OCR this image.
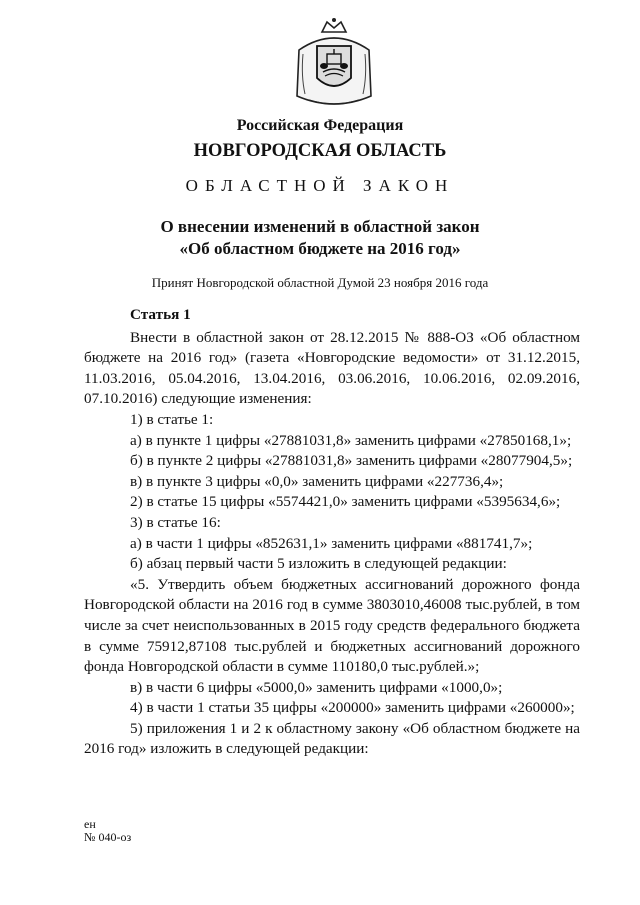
Российская Федерация
НОВГОРОДСКАЯ ОБЛАСТЬ
ОБЛАСТНОЙ ЗАКОН
О внесении изменений в областной закон
«Об областном бюджете на 2016 год»
Принят Новгородской областной Думой 23 ноября 2016 года

Статья 1

Внести в областной закон от 28.12.2015 № 888-ОЗ «Об областном бюджете на 2016 год» (газета «Новгородские ведомости» от 31.12.2015, 11.03.2016, 05.04.2016, 13.04.2016, 03.06.2016, 10.06.2016, 02.09.2016, 07.10.2016) следующие изменения:

1) в статье 1:

а) в пункте 1 цифры «27881031,8» заменить цифрами «27850168,1»;

б) в пункте 2 цифры «27881031,8» заменить цифрами «28077904,5»;

в) в пункте 3 цифры «0,0» заменить цифрами «227736,4»;

2) в статье 15 цифры «5574421,0» заменить цифрами «5395634,6»;

3) в статье 16:

а) в части 1 цифры «852631,1» заменить цифрами «881741,7»;

б) абзац первый части 5 изложить в следующей редакции:

«5. Утвердить объем бюджетных ассигнований дорожного фонда Новгородской области на 2016 год в сумме 3803010,46008 тыс.рублей, в том числе за счет неиспользованных в 2015 году средств федерального бюджета в сумме 75912,87108 тыс.рублей и бюджетных ассигнований дорожного фонда Новгородской области в сумме 110180,0 тыс.рублей.»;

в) в части 6 цифры «5000,0» заменить цифрами «1000,0»;

4) в части 1 статьи 35 цифры «200000» заменить цифрами «260000»;

5) приложения 1 и 2 к областному закону «Об областном бюджете на 2016 год» изложить в следующей редакции:

ен
№ 040-оз
